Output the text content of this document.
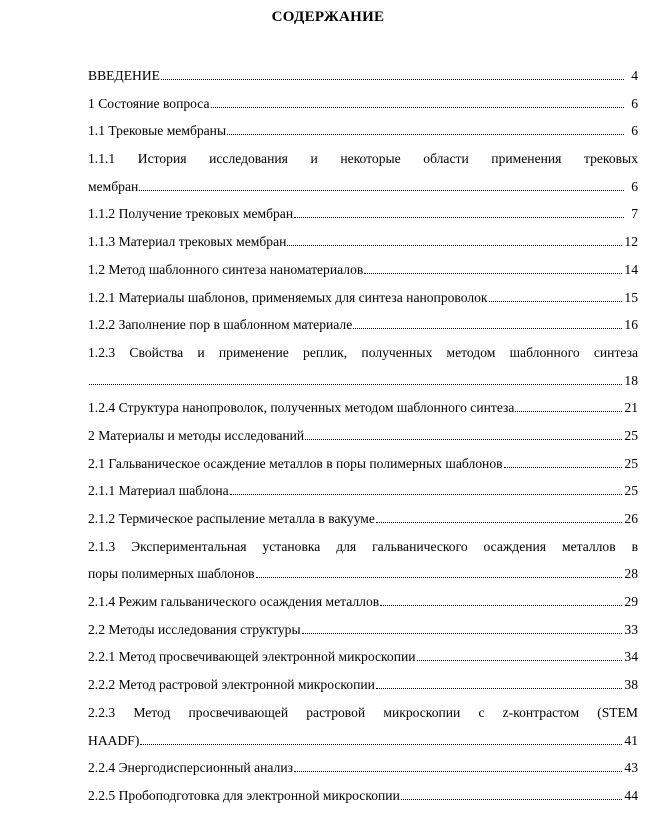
СОДЕРЖАНИЕ
ВВЕДЕНИЕ	4
1 Состояние вопроса	6
1.1 Трековые мембраны	6
1.1.1 История исследования и некоторые области применения трековых
мембран	6
1.1.2 Получение трековых мембран	7
1.1.3 Материал трековых мембран	12
1.2 Метод шаблонного синтеза наноматериалов	14
1.2.1 Материалы шаблонов, применяемых для синтеза нанопроволок	15
1.2.2 Заполнение пор в шаблонном материале	16
1.2.3 Свойства и применение реплик, полученных методом шаблонного синтеза
18
1.2.4 Структура нанопроволок, полученных методом шаблонного синтеза	21
2 Материалы и методы исследований	25
2.1 Гальваническое осаждение металлов в поры полимерных шаблонов	25
2.1.1 Материал шаблона	25
2.1.2 Термическое распыление металла в вакууме	26
2.1.3 Экспериментальная установка для гальванического осаждения металлов в
поры полимерных шаблонов	28
2.1.4 Режим гальванического осаждения металлов	29
2.2 Методы исследования структуры	33
2.2.1 Метод просвечивающей электронной микроскопии	34
2.2.2 Метод растровой электронной микроскопии	38
2.2.3 Метод просвечивающей растровой микроскопии с z-контрастом (STEM
HAADF)	41
2.2.4 Энергодисперсионный анализ	43
2.2.5 Пробоподготовка для электронной микроскопии	44
